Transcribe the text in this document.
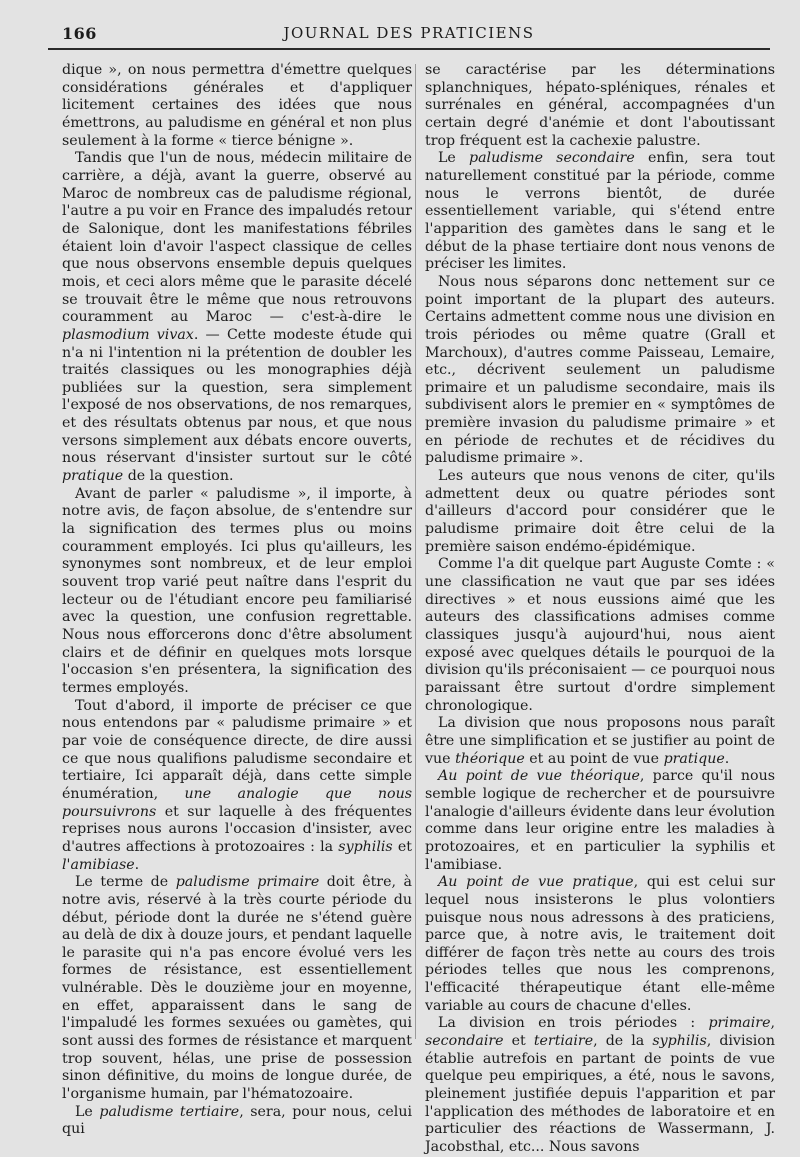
166	JOURNAL DES PRATICIENS

dique », on nous permettra d'émettre quelques considérations générales et d'appliquer licitement certaines des idées que nous émettrons, au paludisme en général et non plus seulement à la forme « tierce bénigne ».

Tandis que l'un de nous, médecin militaire de carrière, a déjà, avant la guerre, observé au Maroc de nombreux cas de paludisme régional, l'autre a pu voir en France des impaludés retour de Salonique, dont les manifestations fébriles étaient loin d'avoir l'aspect classique de celles que nous observons ensemble depuis quelques mois, et ceci alors même que le parasite décelé se trouvait être le même que nous retrouvons couramment au Maroc — c'est-à-dire le plasmodium vivax. — Cette modeste étude qui n'a ni l'intention ni la prétention de doubler les traités classiques ou les monographies déjà publiées sur la question, sera simplement l'exposé de nos observations, de nos remarques, et des résultats obtenus par nous, et que nous versons simplement aux débats encore ouverts, nous réservant d'insister surtout sur le côté pratique de la question.

Avant de parler « paludisme », il importe, à notre avis, de façon absolue, de s'entendre sur la signification des termes plus ou moins couramment employés. Ici plus qu'ailleurs, les synonymes sont nombreux, et de leur emploi souvent trop varié peut naître dans l'esprit du lecteur ou de l'étudiant encore peu familiarisé avec la question, une confusion regrettable. Nous nous efforcerons donc d'être absolument clairs et de définir en quelques mots lorsque l'occasion s'en présentera, la signification des termes employés.

Tout d'abord, il importe de préciser ce que nous entendons par « paludisme primaire » et par voie de conséquence directe, de dire aussi ce que nous qualifions paludisme secondaire et tertiaire, Ici apparaît déjà, dans cette simple énumération, une analogie que nous poursuivrons et sur laquelle à des fréquentes reprises nous aurons l'occasion d'insister, avec d'autres affections à protozoaires : la syphilis et l'amibiase.

Le terme de paludisme primaire doit être, à notre avis, réservé à la très courte période du début, période dont la durée ne s'étend guère au delà de dix à douze jours, et pendant laquelle le parasite qui n'a pas encore évolué vers les formes de résistance, est essentiellement vulnérable. Dès le douzième jour en moyenne, en effet, apparaissent dans le sang de l'impaludé les formes sexuées ou gamètes, qui sont aussi des formes de résistance et marquent trop souvent, hélas, une prise de possession sinon définitive, du moins de longue durée, de l'organisme humain, par l'hématozoaire.

Le paludisme tertiaire, sera, pour nous, celui qui

se caractérise par les déterminations splanchniques, hépato-spléniques, rénales et surrénales en général, accompagnées d'un certain degré d'anémie et dont l'aboutissant trop fréquent est la cachexie palustre.

Le paludisme secondaire enfin, sera tout naturellement constitué par la période, comme nous le verrons bientôt, de durée essentiellement variable, qui s'étend entre l'apparition des gamètes dans le sang et le début de la phase tertiaire dont nous venons de préciser les limites.

Nous nous séparons donc nettement sur ce point important de la plupart des auteurs. Certains admettent comme nous une division en trois périodes ou même quatre (Grall et Marchoux), d'autres comme Paisseau, Lemaire, etc., décrivent seulement un paludisme primaire et un paludisme secondaire, mais ils subdivisent alors le premier en « symptômes de première invasion du paludisme primaire » et en période de rechutes et de récidives du paludisme primaire ».

Les auteurs que nous venons de citer, qu'ils admettent deux ou quatre périodes sont d'ailleurs d'accord pour considérer que le paludisme primaire doit être celui de la première saison endémo-épidémique.

Comme l'a dit quelque part Auguste Comte : « une classification ne vaut que par ses idées directives » et nous eussions aimé que les auteurs des classifications admises comme classiques jusqu'à aujourd'hui, nous aient exposé avec quelques détails le pourquoi de la division qu'ils préconisaient — ce pourquoi nous paraissant être surtout d'ordre simplement chronologique.

La division que nous proposons nous paraît être une simplification et se justifier au point de vue théorique et au point de vue pratique.

Au point de vue théorique, parce qu'il nous semble logique de rechercher et de poursuivre l'analogie d'ailleurs évidente dans leur évolution comme dans leur origine entre les maladies à protozoaires, et en particulier la syphilis et l'amibiase.

Au point de vue pratique, qui est celui sur lequel nous insisterons le plus volontiers puisque nous nous adressons à des praticiens, parce que, à notre avis, le traitement doit différer de façon très nette au cours des trois périodes telles que nous les comprenons, l'efficacité thérapeutique étant elle-même variable au cours de chacune d'elles.

La division en trois périodes : primaire, secondaire et tertiaire, de la syphilis, division établie autrefois en partant de points de vue quelque peu empiriques, a été, nous le savons, pleinement justifiée depuis l'apparition et par l'application des méthodes de laboratoire et en particulier des réactions de Wassermann, J. Jacobsthal, etc... Nous savons
